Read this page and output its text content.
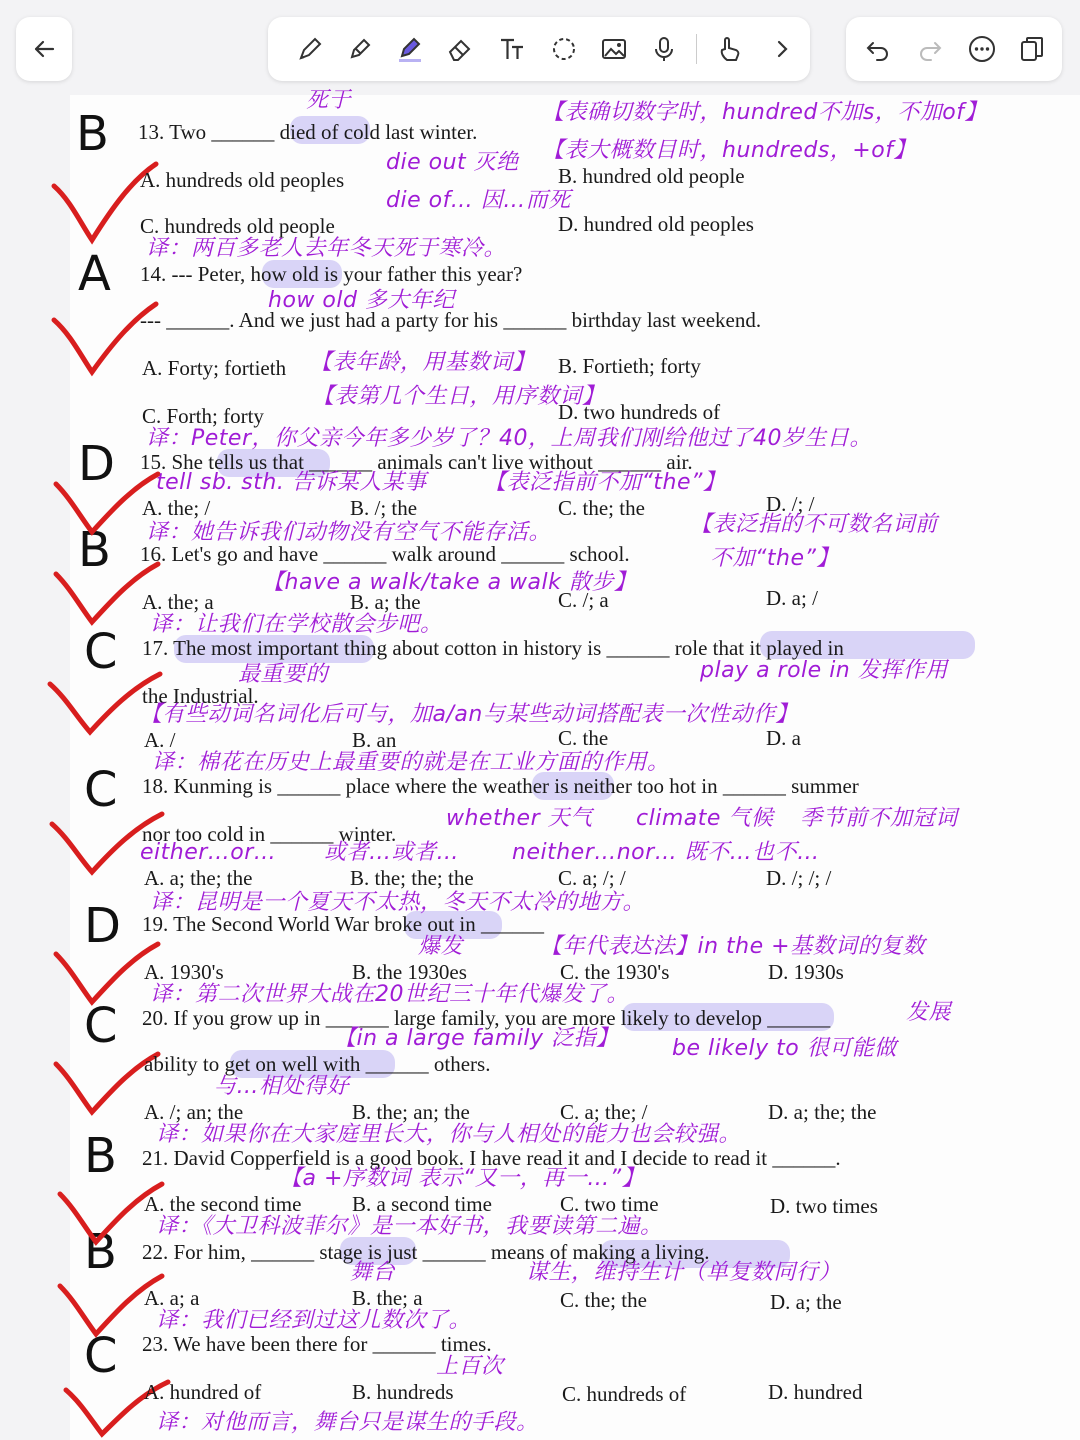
B
A
D
B
C
C
D
C
B
B
C
死于	【表确切数字时，hundred不加s，不加of】
13. Two ______ died of cold last winter.
die out 灭绝 【表大概数目时，hundreds，+of】
A. hundreds old peoples	B. hundred old people
die of… 因…而死
C. hundreds old people	D. hundred old peoples
译：两百多老人去年冬天死于寒冷。
14. --- Peter, how old is your father this year?
how old 多大年纪
--- ______. And we just had a party for his ______ birthday last weekend.
A. Forty; fortieth 【表年龄，用基数词】 B. Fortieth; forty
【表第几个生日，用序数词】
C. Forth; forty	D. two hundreds of
译：Peter，你父亲今年多少岁了？40，上周我们刚给他过了40岁生日。
15. She tells us that ______ animals can't live without ______ air.
tell sb. sth. 告诉某人某事	【表泛指前不加“the”】
A. the; /	B. /; the	C. the; the	D. /; /
【表泛指的不可数名词前
译：她告诉我们动物没有空气不能存活。
16. Let's go and have ______ walk around ______ school.	不加“the”】
【have a walk/take a walk 散步】
A. the; a	B. a; the	C. /; a	D. a; /
译：让我们在学校散会步吧。
17. The most important thing about cotton in history is ______ role that it played in
最重要的	play a role in 发挥作用
the Industrial.
【有些动词名词化后可与，加a/an与某些动词搭配表一次性动作】
A. /	B. an	C. the	D. a
译：棉花在历史上最重要的就是在工业方面的作用。
18. Kunming is ______ place where the weather is neither too hot in ______ summer
whether 天气 climate 气候 季节前不加冠词
nor too cold in ______ winter.
either…or… 或者…或者… neither…nor… 既不…也不…
A. a; the; the	B. the; the; the	C. a; /; /	D. /; /; /
译：昆明是一个夏天不太热，冬天不太冷的地方。
19. The Second World War broke out in ______
爆发	【年代表达法】in the +基数词的复数
A. 1930's	B. the 1930es	C. the 1930's	D. 1930s
译：第二次世界大战在20世纪三十年代爆发了。
20. If you grow up in ______ large family, you are more likely to develop ______	发展
【in a large family 泛指】 be likely to 很可能做
ability to get on well with ______ others.
与…相处得好
A. /; an; the	B. the; an; the	C. a; the; /	D. a; the; the
译：如果你在大家庭里长大，你与人相处的能力也会较强。
21. David Copperfield is a good book. I have read it and I decide to read it ______.
【a +序数词 表示“又一，再一…”】
A. the second time B. a second time	C. two time	D. two times
译：《大卫科波菲尔》是一本好书，我要读第二遍。
22. For him, ______ stage is just ______ means of making a living.
舞台	谋生，维持生计（单复数同行）
A. a; a	B. the; a	C. the; the	D. a; the
译：我们已经到过这儿数次了。
23. We have been there for ______ times.
上百次
A. hundred of	B. hundreds	C. hundreds of	D. hundred
译：对他而言，舞台只是谋生的手段。
